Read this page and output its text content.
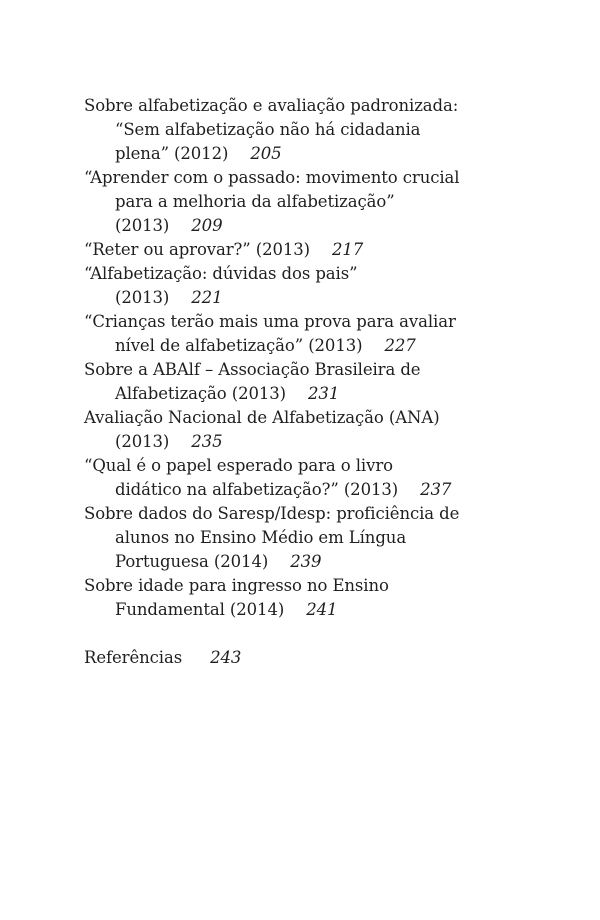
Sobre alfabetização e avaliação padronizada: “Sem alfabetização não há cidadania plena” (2012) 205

“Aprender com o passado: movimento crucial para a melhoria da alfabetização” (2013) 209

“Reter ou aprovar?” (2013) 217

“Alfabetização: dúvidas dos pais” (2013) 221

“Crianças terão mais uma prova para avaliar nível de alfabetização” (2013) 227

Sobre a ABAlf – Associação Brasileira de Alfabetização (2013) 231

Avaliação Nacional de Alfabetização (ANA) (2013) 235

“Qual é o papel esperado para o livro didático na alfabetização?” (2013) 237

Sobre dados do Saresp/Idesp: proficiência de alunos no Ensino Médio em Língua Portuguesa (2014) 239

Sobre idade para ingresso no Ensino Fundamental (2014) 241

Referências 243
